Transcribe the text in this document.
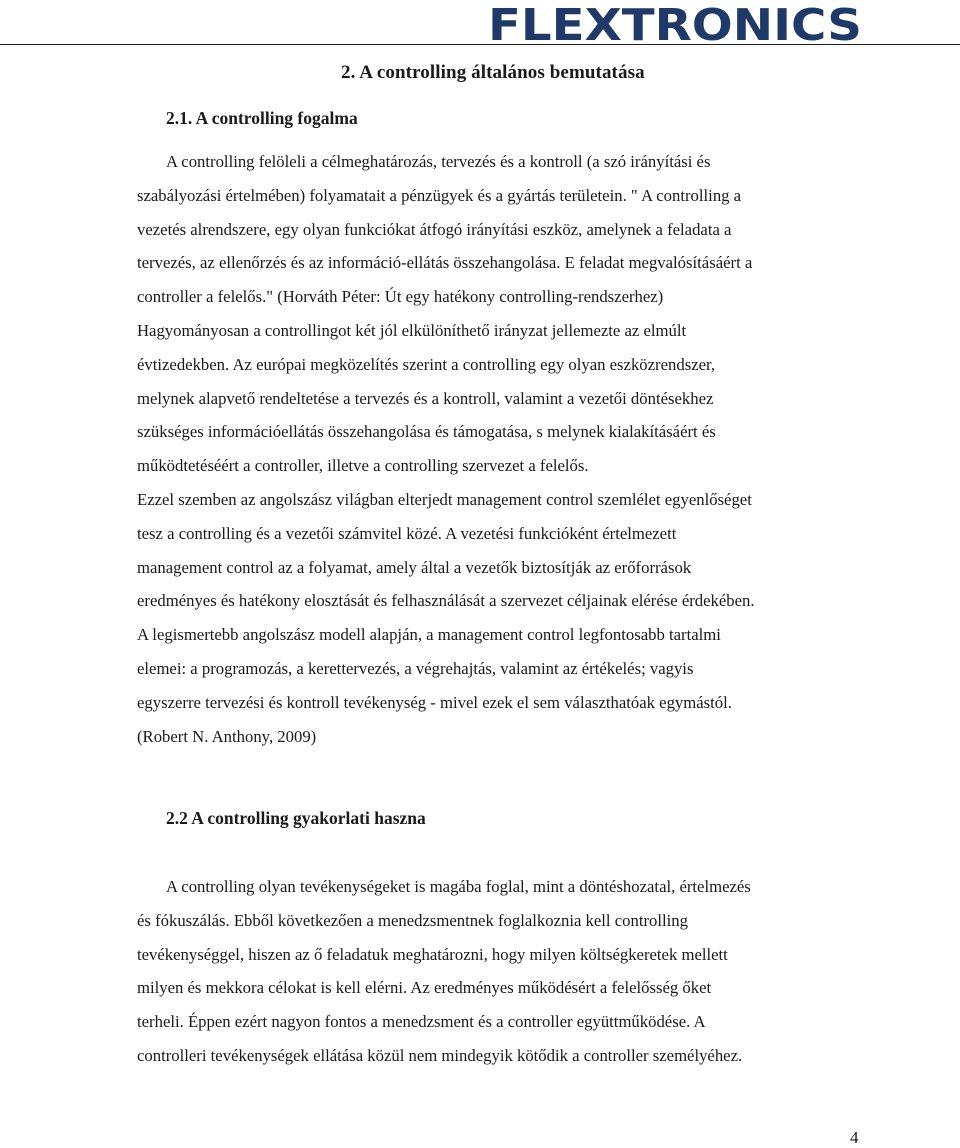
FLEXTRONICS
2. A controlling általános bemutatása
2.1. A controlling fogalma

A controlling felöleli a célmeghatározás, tervezés és a kontroll (a szó irányítási és
szabályozási értelmében) folyamatait a pénzügyek és a gyártás területein. " A controlling a
vezetés alrendszere, egy olyan funkciókat átfogó irányítási eszköz, amelynek a feladata a
tervezés, az ellenőrzés és az információ-ellátás összehangolása. E feladat megvalósításáért a
controller a felelős." (Horváth Péter: Út egy hatékony controlling-rendszerhez)
Hagyományosan a controllingot két jól elkülöníthető irányzat jellemezte az elmúlt
évtizedekben. Az európai megközelítés szerint a controlling egy olyan eszközrendszer,
melynek alapvető rendeltetése a tervezés és a kontroll, valamint a vezetői döntésekhez
szükséges információellátás összehangolása és támogatása, s melynek kialakításáért és
működtetéséért a controller, illetve a controlling szervezet a felelős.
Ezzel szemben az angolszász világban elterjedt management control szemlélet egyenlőséget
tesz a controlling és a vezetői számvitel közé. A vezetési funkcióként értelmezett
management control az a folyamat, amely által a vezetők biztosítják az erőforrások
eredményes és hatékony elosztását és felhasználását a szervezet céljainak elérése érdekében.
A legismertebb angolszász modell alapján, a management control legfontosabb tartalmi
elemei: a programozás, a kerettervezés, a végrehajtás, valamint az értékelés; vagyis
egyszerre tervezési és kontroll tevékenység - mivel ezek el sem választhatóak egymástól.
(Robert N. Anthony, 2009)

2.2 A controlling gyakorlati haszna

A controlling olyan tevékenységeket is magába foglal, mint a döntéshozatal, értelmezés
és fókuszálás. Ebből következően a menedzsmentnek foglalkoznia kell controlling
tevékenységgel, hiszen az ő feladatuk meghatározni, hogy milyen költségkeretek mellett
milyen és mekkora célokat is kell elérni. Az eredményes működésért a felelősség őket
terheli. Éppen ezért nagyon fontos a menedzsment és a controller együttműködése. A
controlleri tevékenységek ellátása közül nem mindegyik kötődik a controller személyéhez.

4
